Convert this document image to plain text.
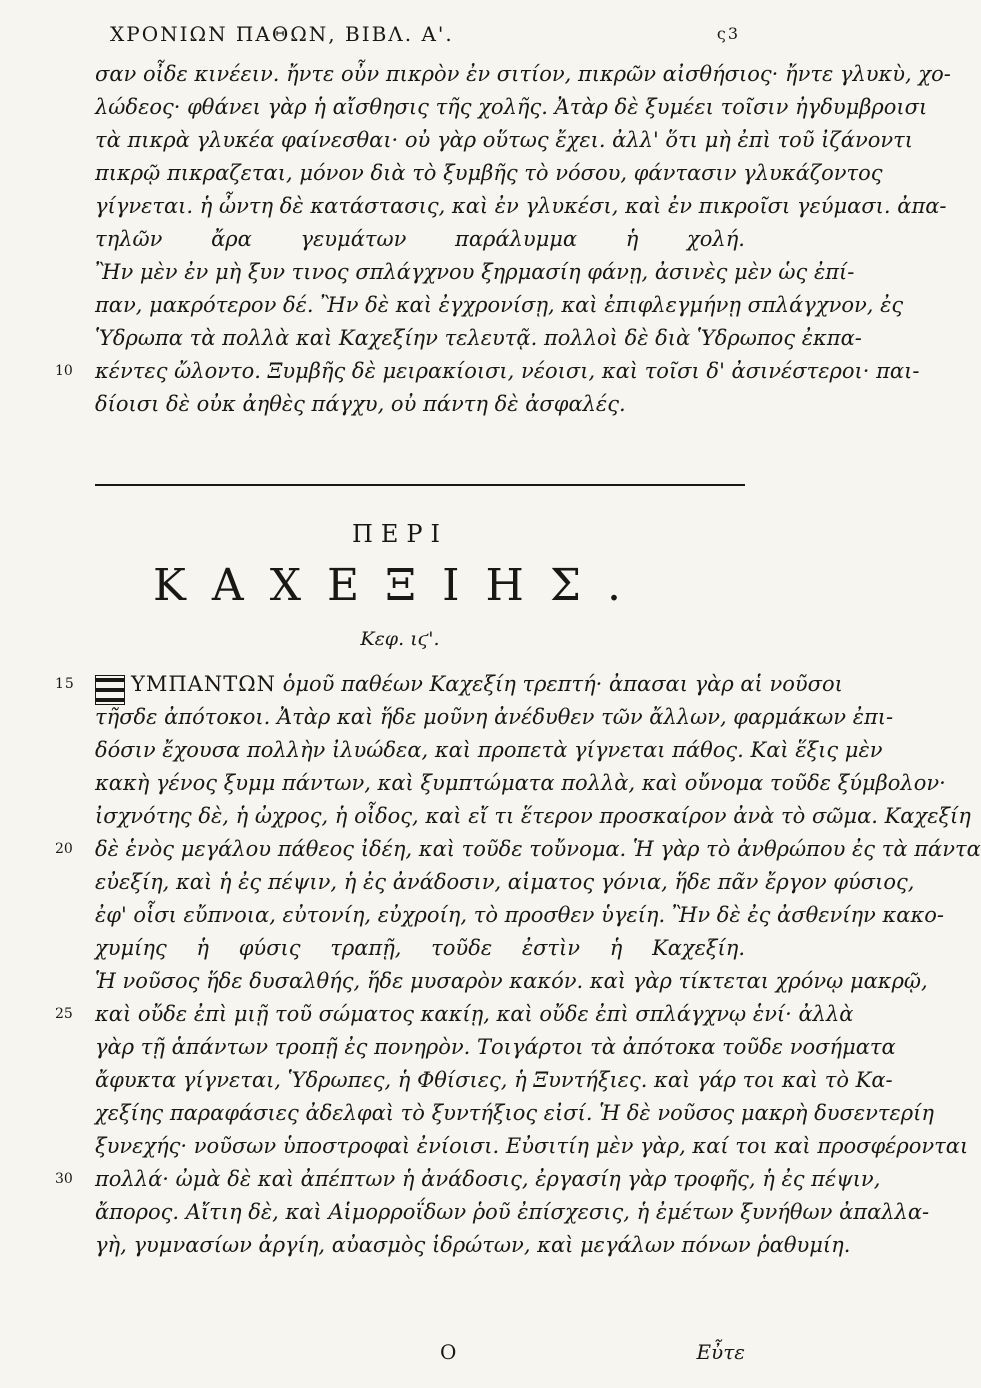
ΧΡΟΝΙΩΝ ΠΑΘΩΝ, ΒΙΒΛ. Α'.	ς3
σαν οἶδε κινέειν. ἤντε οὖν πικρὸν ἐν σιτίον, πικρῶν αἰσθήσιος· ἤντε γλυκὺ, χο-
λώδεος· φθάνει γὰρ ἡ αἴσθησις τῆς χολῆς. Ἀτὰρ δὲ ξυμέει τοῖσιν ἠγδυμβροισι
τὰ πικρὰ γλυκέα φαίνεσθαι· οὐ γὰρ οὕτως ἔχει. ἀλλ' ὅτι μὴ ἐπὶ τοῦ ἰζάνοντι
πικρῷ πικραζεται, μόνον διὰ τὸ ξυμβῆς τὸ νόσου, φάντασιν γλυκάζοντος
γίγνεται. ἡ ὦντη δὲ κατάστασις, καὶ ἐν γλυκέσι, καὶ ἐν πικροῖσι γεύμασι. ἀπα-
τηλῶν ἄρα γευμάτων παράλυμμα ἡ χολή.
Ἢν μὲν ἐν μὴ ξυν τινος σπλάγχνου ξηρμασίη φάνῃ, ἀσινὲς μὲν ὡς ἐπί-
παν, μακρότερον δέ. Ἢν δὲ καὶ ἐγχρονίσῃ, καὶ ἐπιφλεγμήνῃ σπλάγχνον, ἐς
Ὑδρωπα τὰ πολλὰ καὶ Καχεξίην τελευτᾷ. πολλοὶ δὲ διὰ Ὑδρωπος ἐκπα-
10	κέντες ὤλοντο. Ξυμβῆς δὲ μειρακίοισι, νέοισι, καὶ τοῖσι δ' ἀσινέστεροι· παι-
δίοισι δὲ οὐκ ἀηθὲς πάγχυ, οὐ πάντη δὲ ἀσφαλές.
ΠΕΡΙ
ΚΑΧΕΞΙΗΣ.
Κεφ. ιϛ'.
15	ΥΜΠΑΝΤΩΝ ὁμοῦ παθέων Καχεξίη τρεπτή· ἀπασαι γὰρ αἱ νοῦσοι
τῆσδε ἀπότοκοι. Ἀτὰρ καὶ ἥδε μοῦνη ἀνέδυθεν τῶν ἄλλων, φαρμάκων ἐπι-
δόσιν ἔχουσα πολλὴν ἰλυώδεα, καὶ προπετὰ γίγνεται πάθος. Καὶ ἕξις μὲν
κακὴ γένος ξυμμ πάντων, καὶ ξυμπτώματα πολλὰ, καὶ οὔνομα τοῦδε ξύμβολον·
ἰσχνότης δὲ, ἡ ὠχρος, ἡ οἶδος, καὶ εἴ τι ἕτερον προσκαίρον ἀνὰ τὸ σῶμα. Καχεξίη
20	δὲ ἑνὸς μεγάλου πάθεος ἰδέη, καὶ τοῦδε τοὔνομα. Ἡ γὰρ τὸ ἀνθρώπου ἐς τὰ πάντα
εὐεξίη, καὶ ἡ ἐς πέψιν, ἡ ἐς ἀνάδοσιν, αἱματος γόνια, ἥδε πᾶν ἔργον φύσιος,
ἐφ' οἷσι εὔπνοια, εὐτονίη, εὐχροίη, τὸ προσθεν ὑγείη. Ἢν δὲ ἐς ἀσθενίην κακο-
χυμίης ἡ φύσις τραπῇ, τοῦδε ἐστὶν ἡ Καχεξίη.
Ἡ νοῦσος ἥδε δυσαλθής, ἥδε μυσαρὸν κακόν. καὶ γὰρ τίκτεται χρόνῳ μακρῷ,
25	καὶ οὔδε ἐπὶ μιῇ τοῦ σώματος κακίῃ, καὶ οὔδε ἐπὶ σπλάγχνῳ ἑνί· ἀλλὰ
γὰρ τῇ ἁπάντων τροπῇ ἐς πονηρὸν. Τοιγάρτοι τὰ ἀπότοκα τοῦδε νοσήματα
ἄφυκτα γίγνεται, Ὑδρωπες, ἡ Φθίσιες, ἡ Ξυντήξιες. καὶ γάρ τοι καὶ τὸ Κα-
χεξίης παραφάσιες ἀδελφαὶ τὸ ξυντήξιος εἰσί. Ἡ δὲ νοῦσος μακρὴ δυσεντερίη
ξυνεχής· νοῦσων ὑποστροφαὶ ἐνίοισι. Εὐσιτίη μὲν γὰρ, καί τοι καὶ προσφέρονται
30	πολλά· ὠμὰ δὲ καὶ ἀπέπτων ἡ ἀνάδοσις, ἐργασίη γὰρ τροφῆς, ἡ ἐς πέψιν,
ἄπορος. Αἴτιη δὲ, καὶ Αἱμορροΐδων ῥοῦ ἐπίσχεσις, ἡ ἐμέτων ξυνήθων ἀπαλλα-
γὴ, γυμνασίων ἀργίη, αὐασμὸς ἱδρώτων, καὶ μεγάλων πόνων ῥαθυμίη.
Ο	Εὖτε
